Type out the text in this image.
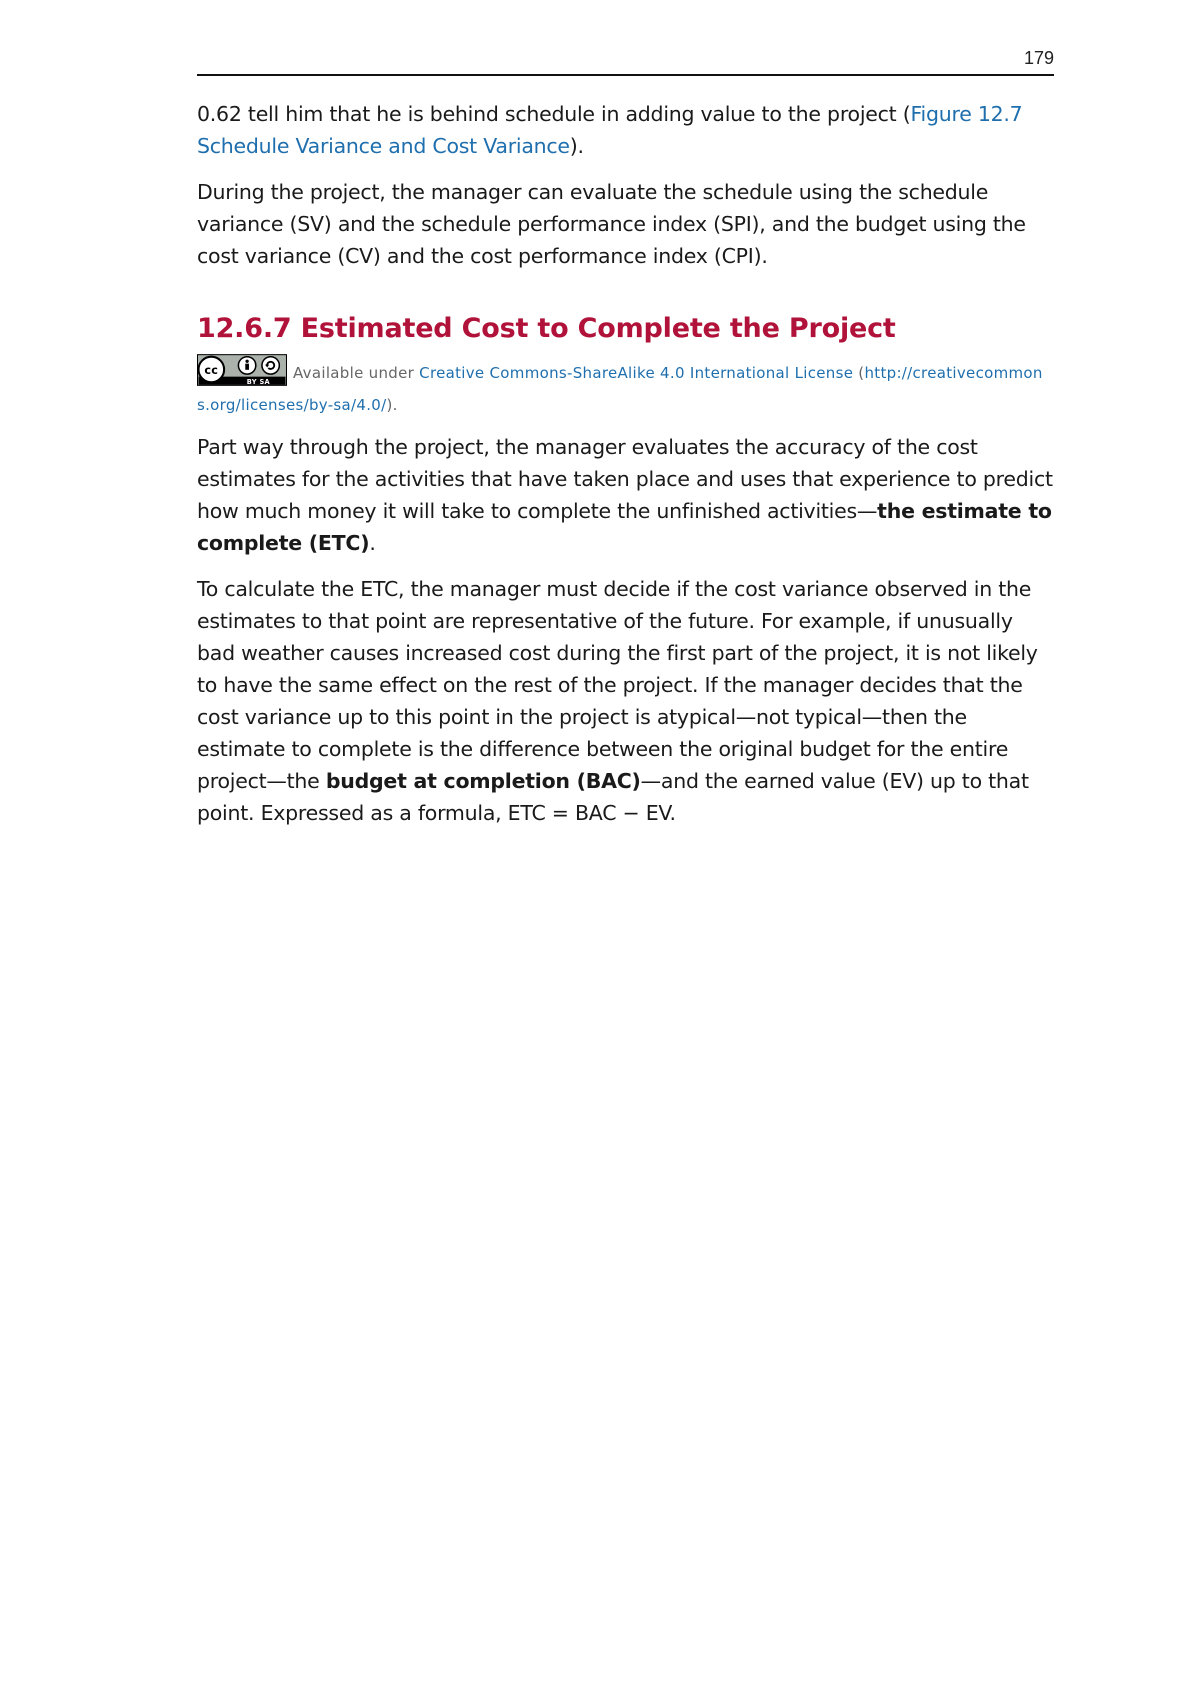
179

0.62 tell him that he is behind schedule in adding value to the project (Figure 12.7 Schedule Variance and Cost Variance).

During the project, the manager can evaluate the schedule using the schedule variance (SV) and the schedule performance index (SPI), and the budget using the cost variance (CV) and the cost performance index (CPI).

12.6.7 Estimated Cost to Complete the Project
cc
BY SA Available under Creative Commons-ShareAlike 4.0 International License (http://creativecommons.org/licenses/by-sa/4.0/).

Part way through the project, the manager evaluates the accuracy of the cost estimates for the activities that have taken place and uses that experience to predict how much money it will take to complete the unfinished activities—the estimate to complete (ETC).

To calculate the ETC, the manager must decide if the cost variance observed in the estimates to that point are representative of the future. For example, if unusually bad weather causes increased cost during the first part of the project, it is not likely to have the same effect on the rest of the project. If the manager decides that the cost variance up to this point in the project is atypical—not typical—then the estimate to complete is the difference between the original budget for the entire project—the budget at completion (BAC)—and the earned value (EV) up to that point. Expressed as a formula, ETC = BAC − EV.
